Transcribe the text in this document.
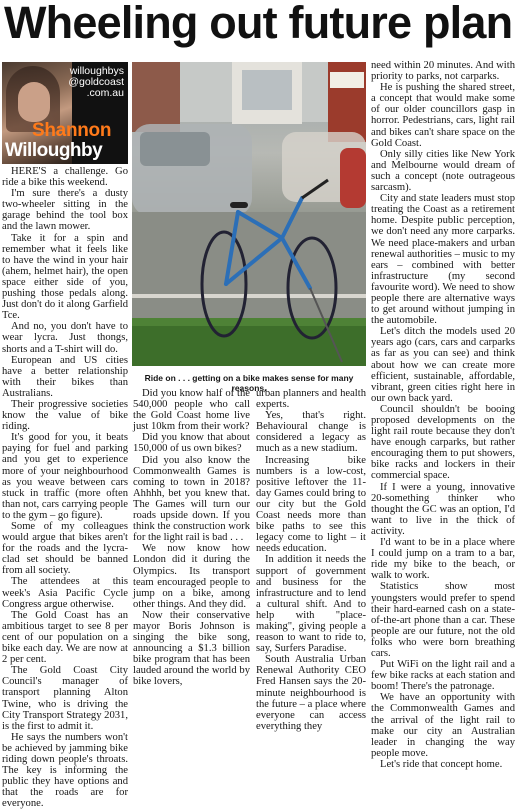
Wheeling out future plan
willoughbys
@goldcoast
.com.au
Shannon
Willoughby

Ride on . . . getting on a bike makes sense for many reasons.

HERE'S a challenge. Go ride a bike this weekend.

I'm sure there's a dusty two-wheeler sitting in the garage behind the tool box and the lawn mower.

Take it for a spin and remember what it feels like to have the wind in your hair (ahem, helmet hair), the open space either side of you, pushing those pedals along. Just don't do it along Garfield Tce.

And no, you don't have to wear lycra. Just thongs, shorts and a T-shirt will do.

European and US cities have a better relationship with their bikes than Australians.

Their progressive societies know the value of bike riding.

It's good for you, it beats paying for fuel and parking and you get to experience more of your neighbourhood as you weave between cars stuck in traffic (more often than not, cars carrying people to the gym – go figure).

Some of my colleagues would argue that bikes aren't for the roads and the lycra-clad set should be banned from all society.

The attendees at this week's Asia Pacific Cycle Congress argue otherwise.

The Gold Coast has an ambitious target to see 8 per cent of our population on a bike each day. We are now at 2 per cent.

The Gold Coast City Council's manager of transport planning Alton Twine, who is driving the City Transport Strategy 2031, is the first to admit it.

He says the numbers won't be achieved by jamming bike riding down people's throats. The key is informing the public they have options and that the roads are for everyone.

Did you know half of the 540,000 people who call the Gold Coast home live just 10km from their work?

Did you know that about 150,000 of us own bikes?

Did you also know the Commonwealth Games is coming to town in 2018? Ahhhh, bet you knew that. The Games will turn our roads upside down. If you think the construction work for the light rail is bad . . .

We now know how London did it during the Olympics. Its transport team encouraged people to jump on a bike, among other things. And they did.

Now their conservative mayor Boris Johnson is singing the bike song, announcing a $1.3 billion bike program that has been lauded around the world by bike lovers,

urban planners and health experts.

Yes, that's right. Behavioural change is considered a legacy as much as a new stadium.

Increasing bike numbers is a low-cost, positive leftover the 11-day Games could bring to our city but the Gold Coast needs more than bike paths to see this legacy come to light – it needs education.

In addition it needs the support of government and business for the infrastructure and to lend a cultural shift. And to help with "place-making", giving people a reason to want to ride to, say, Surfers Paradise.

South Australia Urban Renewal Authority CEO Fred Hansen says the 20-minute neighbourhood is the future – a place where everyone can access everything they

need within 20 minutes. And with priority to parks, not carparks.

He is pushing the shared street, a concept that would make some of our older councillors gasp in horror. Pedestrians, cars, light rail and bikes can't share space on the Gold Coast.

Only silly cities like New York and Melbourne would dream of such a concept (note outrageous sarcasm).

City and state leaders must stop treating the Coast as a retirement home. Despite public perception, we don't need any more carparks. We need place-makers and urban renewal authorities – music to my ears – combined with better infrastructure (my second favourite word). We need to show people there are alternative ways to get around without jumping in the automobile.

Let's ditch the models used 20 years ago (cars, cars and carparks as far as you can see) and think about how we can create more efficient, sustainable, affordable, vibrant, green cities right here in our own back yard.

Council shouldn't be booing proposed developments on the light rail route because they don't have enough carparks, but rather encouraging them to put showers, bike racks and lockers in their commercial space.

If I were a young, innovative 20-something thinker who thought the GC was an option, I'd want to live in the thick of activity.

I'd want to be in a place where I could jump on a tram to a bar, ride my bike to the beach, or walk to work.

Statistics show most youngsters would prefer to spend their hard-earned cash on a state-of-the-art phone than a car. These people are our future, not the old folks who were born breathing cars.

Put WiFi on the light rail and a few bike racks at each station and boom! There's the patronage.

We have an opportunity with the Commonwealth Games and the arrival of the light rail to make our city an Australian leader in changing the way people move.

Let's ride that concept home.
